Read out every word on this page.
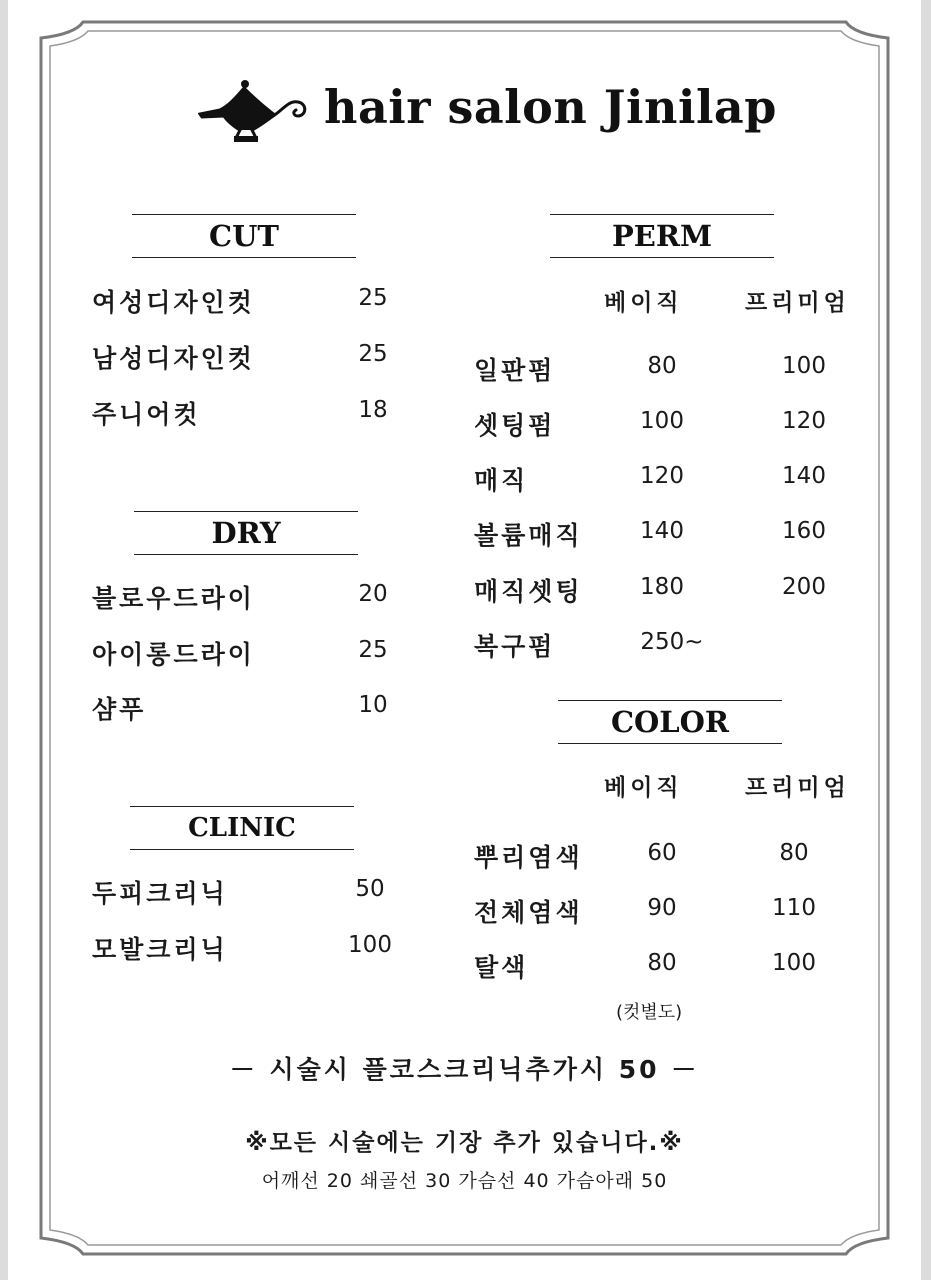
hair salon Jinilap
CUT
여성디자인컷	25
남성디자인컷	25
주니어컷	18
DRY
블로우드라이	20
아이롱드라이	25
샴푸	10
CLINIC
두피크리닉	50
모발크리닉	100
PERM
베이직	프리미엄
일판펌	80	100
셋팅펌	100	120
매직	120	140
볼륨매직	140	160
매직셋팅	180	200
복구펌	250~
COLOR
베이직	프리미엄
뿌리염색	60	80
전체염색	90	110
탈색	80	100
(컷별도)
－ 시술시 플코스크리닉추가시 50 －
※모든 시술에는 기장 추가 있습니다.※
어깨선 20 쇄골선 30 가슴선 40 가슴아래 50
